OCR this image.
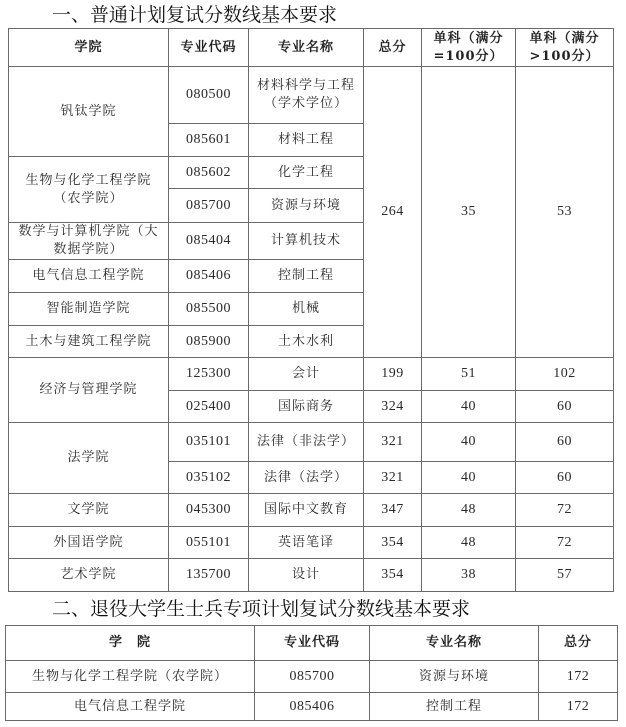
一、普通计划复试分数线基本要求
学院	专业代码	专业名称	总分	单科（满分=100分）	单科（满分>100分）
钒钛学院	080500	材料科学与工程（学术学位）	264	35	53
	085601	材料工程			
生物与化学工程学院（农学院）	085602	化学工程			
	085700	资源与环境			
数学与计算机学院（大数据学院）	085404	计算机技术			
电气信息工程学院	085406	控制工程			
智能制造学院	085500	机械			
土木与建筑工程学院	085900	土木水利			
经济与管理学院	125300	会计	199	51	102
	025400	国际商务	324	40	60
法学院	035101	法律（非法学）	321	40	60
	035102	法律（法学）	321	40	60
文学院	045300	国际中文教育	347	48	72
外国语学院	055101	英语笔译	354	48	72
艺术学院	135700	设计	354	38	57
二、退役大学生士兵专项计划复试分数线基本要求
学　院	专业代码	专业名称	总分
生物与化学工程学院（农学院）	085700	资源与环境	172
电气信息工程学院	085406	控制工程	172
